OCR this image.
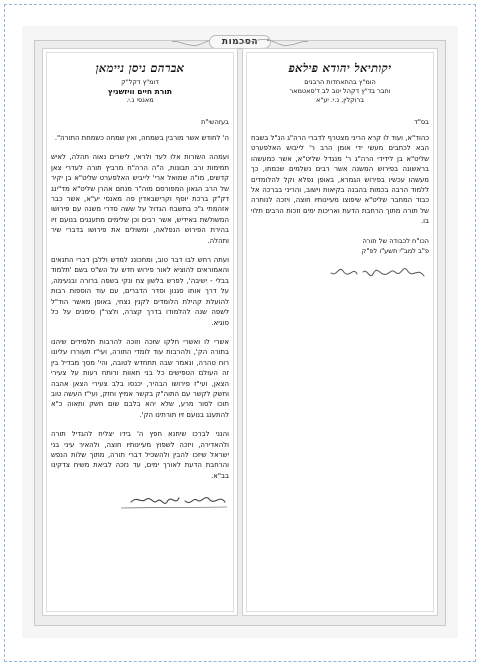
הסכמות
יקותיאל יהודא פילאפ
הומ"ץ בהתאחדות הרבנים
וחבר בד"ץ דקהל יטב לב ד'סאטמאר
ברוקלין, נ.י. יע"א

בס"ד

כהוד"א, ועוד לו קרא הריני מצטרף לדברי הרה"ג הנ"ל בשבח הבא לכתבים מעשי ידי אומן הרב ר' לייבוש האלפערט שליט"א בן לידידי הרה"ג ר' מנגדל שליט"א, אשר כמעשהו בראשונה בפירוש המשנה אשר רבים נשלמים שכמתו, כך מעשהו עכשיו בפירוש הגמרא, באופן נפלא וקל להלומדים ללמוד הרבה בכמות בהבנה בקיאות וישוב, והריני בברכה אל כבוד המחבר שליט"א שיפוצו מעיינותיו חוצה, ויזכה לנותרה של תורה מתוך הרחבת הדעת ואריכות ימים וזכות הרבים תלוי בו.

הכו"ח לכבודה של תורה

פ"ב למב"י תשע"ו לפ"ק

אברהם ניסן ניימאן
דומ"ץ דקל"ק
תורת חיים וויזשניץ
מאנסי נ.י.

בעזהשי"ת

ה' לחודש אשר מורבין בשמחה, ואין שמחה כשמחת התורה".

ועמהה השורות אלו לעד ולראי, לישרים נאוה תהלה, לאיש תמימות ורב תבונות, ה"ה הרה"ח מרביץ תורה לעדרי צאן קדשים, מו"ה שמואל ארי' לייביש האלפערט שליט"א בן יקיר של הרב הגאון המפורסם מוה"ר מנחם אהרן שליט"א מד"ינג דק"ק ברכת יוסף וקרישבאדין פה מאנסי יע"א, אשר כבר אזהמתי ג"כ בתשבח הגדול על ששה סדרי משנה עם פירושו המשולשת באידיש, אשר רבים וכן שלימים מתענגים בנועם זיו בהירת הפירוש הנפלאה, ומשולים את פירושו בדברי שיר ותהלה.

ועתה רחש לבו דבר טוב, ומתכוננ למדש וללבן דברי התנאים והאמוראים להוציא לאור פירוש חדש על הש"ס בשם 'תלמוד בבלי - ישיבה', לפרש בלשון צח ונקי בשפה ברורה ובנעימה, על דרך אותו סגנון וסדר הדברים, עם עוד הוספות רבות להועלת קהילת הלומדים לקנין נצחי, באופן מאשר הוד"ל לשפה שנה להלמודו בדרך קצרה, ולצר"ן סימנים על כל סוגיא.

אשרי לו ואשרי חלקו שזכה וזוכה להרבות תלמידים שיהנו בתורה הק', ולהרבות עוד לומדי התורה, ועי"ז תעוררו עליונו רוח טהרה, ונאמר שבה תתחדש לטובה, והי' מסך מבדיל בין זה העולם הטפישים כל בני תאוות ורותח רעות על צעירי הצאן, ועי"ז פירושו הבהיר, יכנסו בלב צעירי הצאן אהבה וחשק לקשר עם התוה"ק בקשר אמיץ וחזק, ועי"ז העשה טוב תוכו לסור מרע, שלא יהא בלבם שום חשק ותאוה כ"א להתענג בנועם זיו תורתינו הק'.

והנני לברכו שיחנא חפץ ה' בידו יצליח להגדיל תורה ולהאדירה, ויזכה לשפוץ מעיינותיו חוצה, ולהאיר עיני בני ישראל שיזכו להבין ולהשכיל דברי תורה, מתוך שלות הנפש והרחבת הדעת לאורך ימים, עד נזכה לביאת משיח צדקינו בב"א.
